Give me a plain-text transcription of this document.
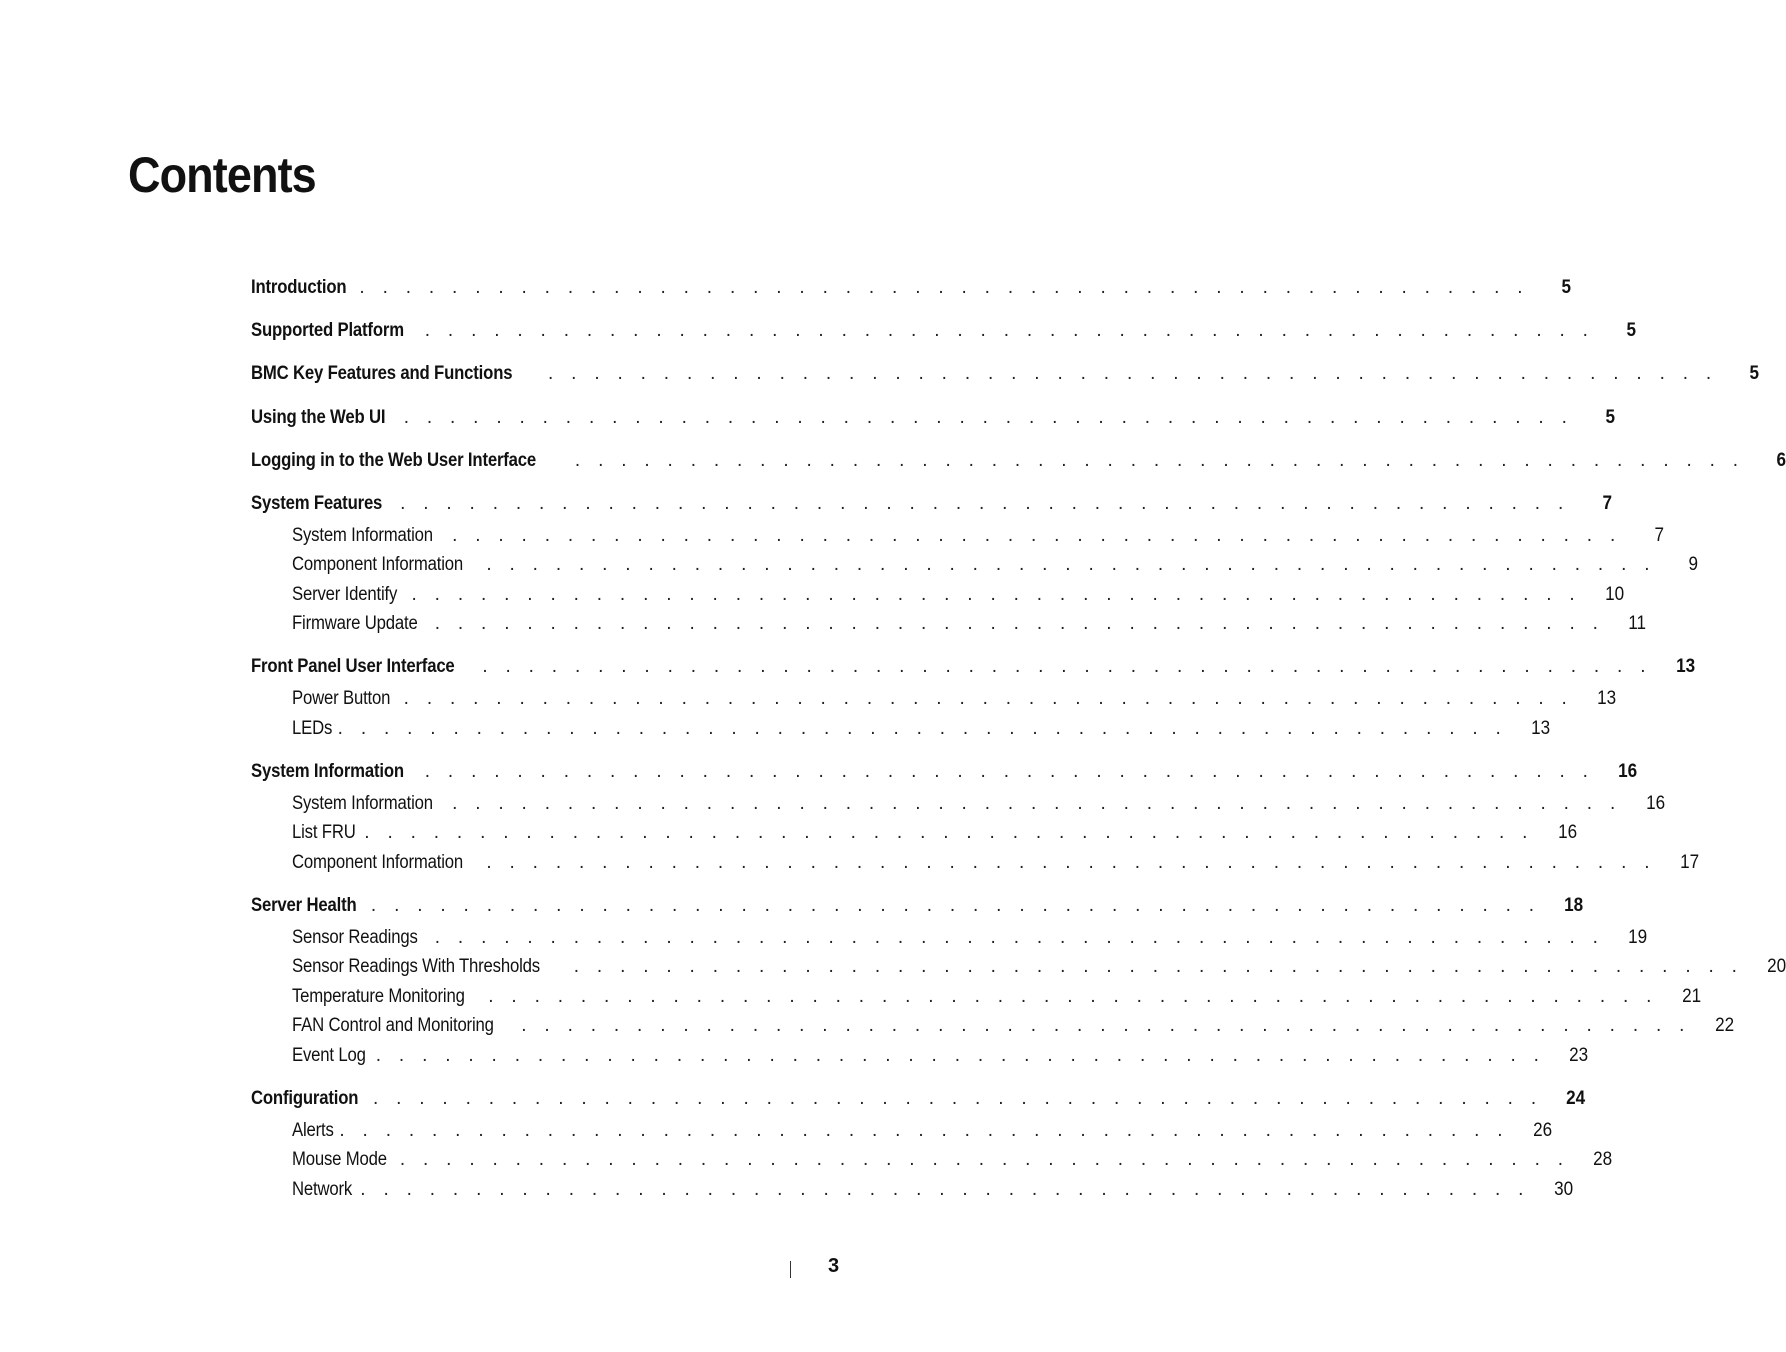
Contents
Introduction . . . . . . . . . . . . . . . . . . . . . . . . . . . . . . . . . . . . . . . . . . . . . . . . . . .	5
Supported Platform . . . . . . . . . . . . . . . . . . . . . . . . . . . . . . . . . . . . . . . . . . . . . . . . . . .	5
BMC Key Features and Functions . . . . . . . . . . . . . . . . . . . . . . . . . . . . . . . . . . . . . . . . . . . . . . . . . . .	5
Using the Web UI . . . . . . . . . . . . . . . . . . . . . . . . . . . . . . . . . . . . . . . . . . . . . . . . . . .	5
Logging in to the Web User Interface . . . . . . . . . . . . . . . . . . . . . . . . . . . . . . . . . . . . . . . . . . . . . . . . . . .	6
System Features . . . . . . . . . . . . . . . . . . . . . . . . . . . . . . . . . . . . . . . . . . . . . . . . . . .	7
System Information . . . . . . . . . . . . . . . . . . . . . . . . . . . . . . . . . . . . . . . . . . . . . . . . . . .	7
Component Information . . . . . . . . . . . . . . . . . . . . . . . . . . . . . . . . . . . . . . . . . . . . . . . . . . .	9
Server Identify . . . . . . . . . . . . . . . . . . . . . . . . . . . . . . . . . . . . . . . . . . . . . . . . . . . 10
Firmware Update . . . . . . . . . . . . . . . . . . . . . . . . . . . . . . . . . . . . . . . . . . . . . . . . . . . 11
Front Panel User Interface . . . . . . . . . . . . . . . . . . . . . . . . . . . . . . . . . . . . . . . . . . . . . . . . . . . 13
Power Button . . . . . . . . . . . . . . . . . . . . . . . . . . . . . . . . . . . . . . . . . . . . . . . . . . . 13
LEDs . . . . . . . . . . . . . . . . . . . . . . . . . . . . . . . . . . . . . . . . . . . . . . . . . . . 13
System Information . . . . . . . . . . . . . . . . . . . . . . . . . . . . . . . . . . . . . . . . . . . . . . . . . . . 16
System Information . . . . . . . . . . . . . . . . . . . . . . . . . . . . . . . . . . . . . . . . . . . . . . . . . . . 16
List FRU . . . . . . . . . . . . . . . . . . . . . . . . . . . . . . . . . . . . . . . . . . . . . . . . . . . 16
Component Information . . . . . . . . . . . . . . . . . . . . . . . . . . . . . . . . . . . . . . . . . . . . . . . . . . . 17
Server Health . . . . . . . . . . . . . . . . . . . . . . . . . . . . . . . . . . . . . . . . . . . . . . . . . . . 18
Sensor Readings . . . . . . . . . . . . . . . . . . . . . . . . . . . . . . . . . . . . . . . . . . . . . . . . . . . 19
Sensor Readings With Thresholds . . . . . . . . . . . . . . . . . . . . . . . . . . . . . . . . . . . . . . . . . . . . . . . . . . . 20
Temperature Monitoring . . . . . . . . . . . . . . . . . . . . . . . . . . . . . . . . . . . . . . . . . . . . . . . . . . . 21
FAN Control and Monitoring . . . . . . . . . . . . . . . . . . . . . . . . . . . . . . . . . . . . . . . . . . . . . . . . . . . 22
Event Log . . . . . . . . . . . . . . . . . . . . . . . . . . . . . . . . . . . . . . . . . . . . . . . . . . . 23
Configuration . . . . . . . . . . . . . . . . . . . . . . . . . . . . . . . . . . . . . . . . . . . . . . . . . . . 24
Alerts . . . . . . . . . . . . . . . . . . . . . . . . . . . . . . . . . . . . . . . . . . . . . . . . . . . 26
Mouse Mode . . . . . . . . . . . . . . . . . . . . . . . . . . . . . . . . . . . . . . . . . . . . . . . . . . . 28
Network . . . . . . . . . . . . . . . . . . . . . . . . . . . . . . . . . . . . . . . . . . . . . . . . . . . 30
3
